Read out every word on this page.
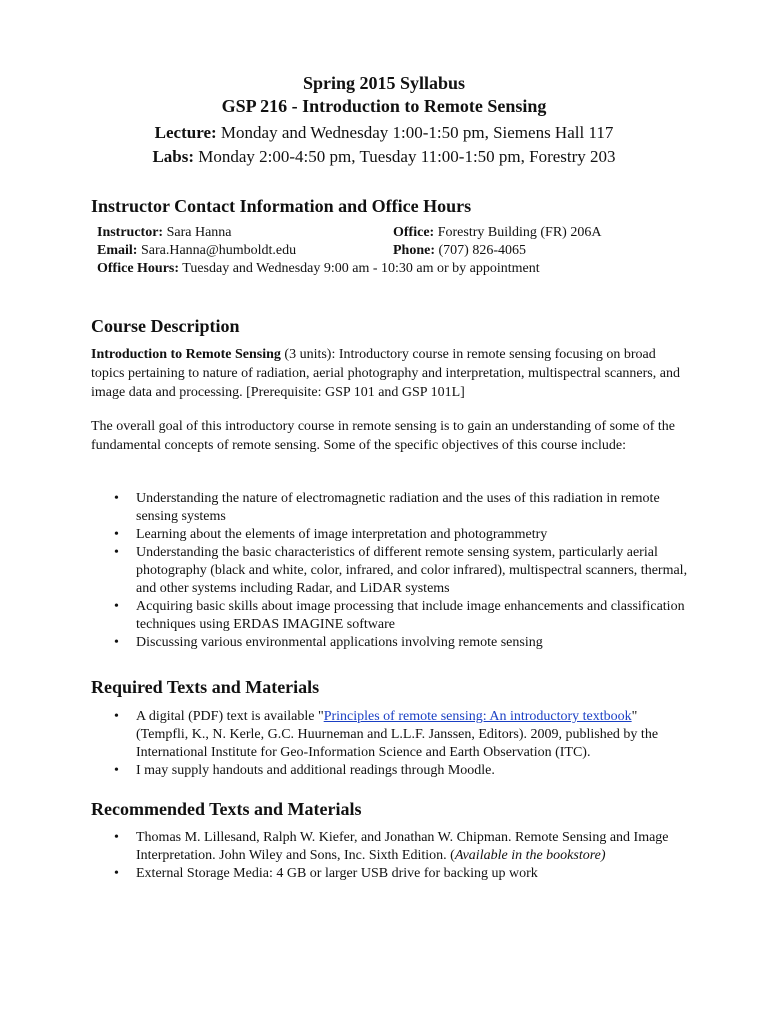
Spring 2015 Syllabus
GSP 216 - Introduction to Remote Sensing
Lecture: Monday and Wednesday 1:00-1:50 pm, Siemens Hall 117
Labs: Monday 2:00-4:50 pm, Tuesday 11:00-1:50 pm, Forestry 203
Instructor Contact Information and Office Hours
Instructor: Sara Hanna	Office: Forestry Building (FR) 206A
Email: Sara.Hanna@humboldt.edu	Phone: (707) 826-4065
Office Hours: Tuesday and Wednesday 9:00 am - 10:30 am or by appointment
Course Description

Introduction to Remote Sensing (3 units): Introductory course in remote sensing focusing on broad topics pertaining to nature of radiation, aerial photography and interpretation, multispectral scanners, and image data and processing. [Prerequisite: GSP 101 and GSP 101L]

The overall goal of this introductory course in remote sensing is to gain an understanding of some of the fundamental concepts of remote sensing. Some of the specific objectives of this course include:

• Understanding the nature of electromagnetic radiation and the uses of this radiation in remote sensing systems
• Learning about the elements of image interpretation and photogrammetry
• Understanding the basic characteristics of different remote sensing system, particularly aerial photography (black and white, color, infrared, and color infrared), multispectral scanners, thermal, and other systems including Radar, and LiDAR systems
• Acquiring basic skills about image processing that include image enhancements and classification techniques using ERDAS IMAGINE software
• Discussing various environmental applications involving remote sensing
Required Texts and Materials
• A digital (PDF) text is available "Principles of remote sensing: An introductory textbook" (Tempfli, K., N. Kerle, G.C. Huurneman and L.L.F. Janssen, Editors). 2009, published by the International Institute for Geo-Information Science and Earth Observation (ITC).
• I may supply handouts and additional readings through Moodle.
Recommended Texts and Materials
• Thomas M. Lillesand, Ralph W. Kiefer, and Jonathan W. Chipman. Remote Sensing and Image Interpretation. John Wiley and Sons, Inc. Sixth Edition. (Available in the bookstore)
• External Storage Media: 4 GB or larger USB drive for backing up work
